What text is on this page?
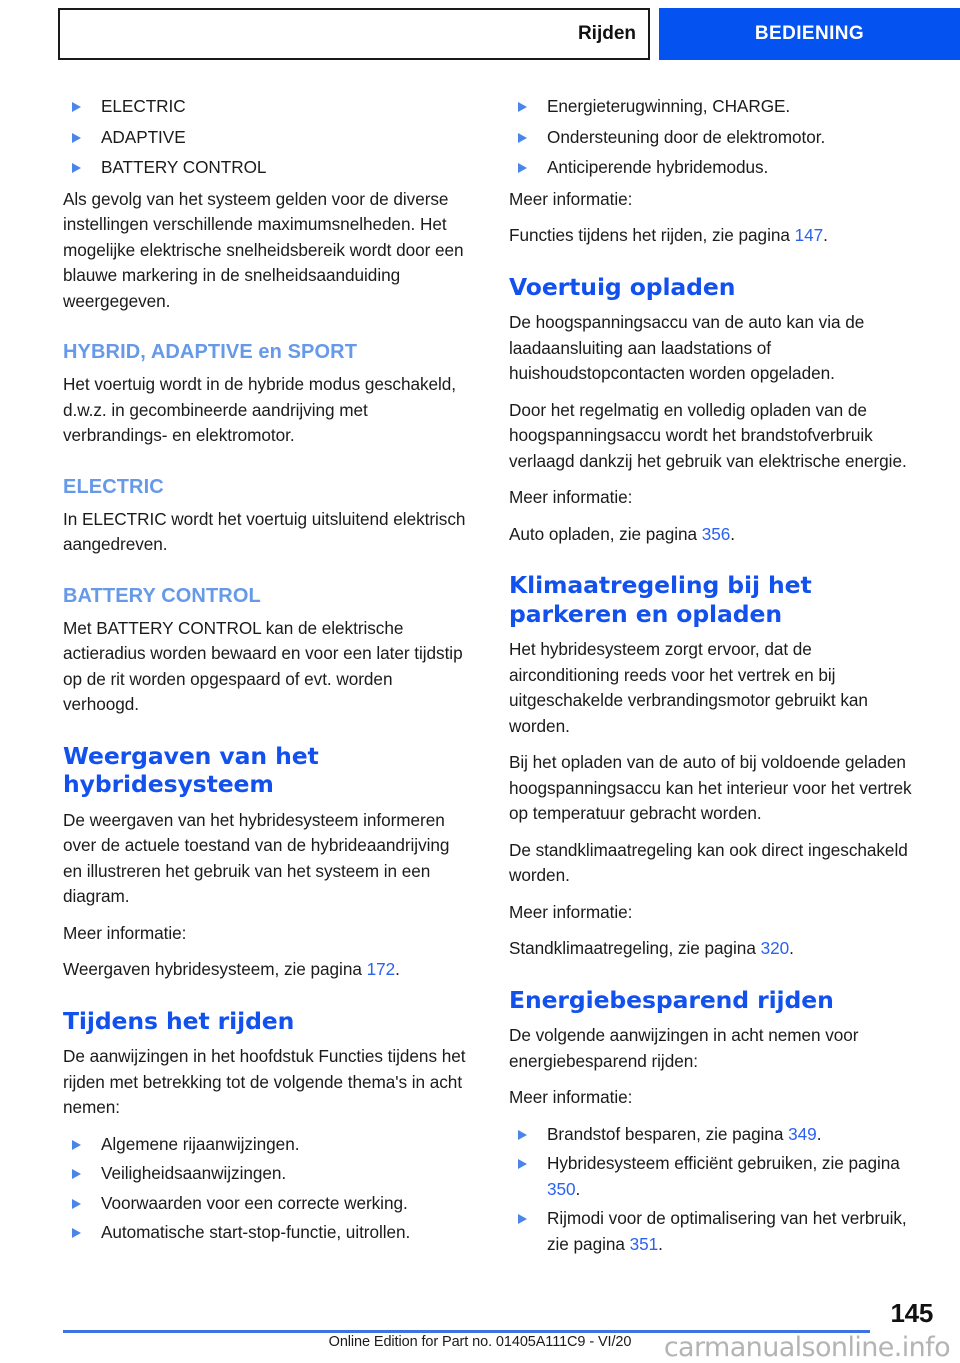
Rijden	BEDIENING
ELECTRIC
ADAPTIVE
BATTERY CONTROL

Als gevolg van het systeem gelden voor de diverse instellingen verschillende maximumsnelheden. Het mogelijke elektrische snelheidsbereik wordt door een blauwe markering in de snelheidsaanduiding weergegeven.

HYBRID, ADAPTIVE en SPORT

Het voertuig wordt in de hybride modus geschakeld, d.w.z. in gecombineerde aandrijving met verbrandings- en elektromotor.

ELECTRIC

In ELECTRIC wordt het voertuig uitsluitend elektrisch aangedreven.

BATTERY CONTROL

Met BATTERY CONTROL kan de elektrische actieradius worden bewaard en voor een later tijdstip op de rit worden opgespaard of evt. worden verhoogd.

Weergaven van het hybridesysteem

De weergaven van het hybridesysteem informeren over de actuele toestand van de hybrideaandrijving en illustreren het gebruik van het systeem in een diagram.

Meer informatie:

Weergaven hybridesysteem, zie pagina 172.

Tijdens het rijden

De aanwijzingen in het hoofdstuk Functies tijdens het rijden met betrekking tot de volgende thema's in acht nemen:

Algemene rijaanwijzingen.
Veiligheidsaanwijzingen.
Voorwaarden voor een correcte werking.
Automatische start-stop-functie, uitrollen.
Energieterugwinning, CHARGE.
Ondersteuning door de elektromotor.
Anticiperende hybridemodus.

Meer informatie:

Functies tijdens het rijden, zie pagina 147.

Voertuig opladen

De hoogspanningsaccu van de auto kan via de laadaansluiting aan laadstations of huishoudstopcontacten worden opgeladen.

Door het regelmatig en volledig opladen van de hoogspanningsaccu wordt het brandstofverbruik verlaagd dankzij het gebruik van elektrische energie.

Meer informatie:

Auto opladen, zie pagina 356.

Klimaatregeling bij het parkeren en opladen

Het hybridesysteem zorgt ervoor, dat de airconditioning reeds voor het vertrek en bij uitgeschakelde verbrandingsmotor gebruikt kan worden.

Bij het opladen van de auto of bij voldoende geladen hoogspanningsaccu kan het interieur voor het vertrek op temperatuur gebracht worden.

De standklimaatregeling kan ook direct ingeschakeld worden.

Meer informatie:

Standklimaatregeling, zie pagina 320.

Energiebesparend rijden

De volgende aanwijzingen in acht nemen voor energiebesparend rijden:

Meer informatie:

Brandstof besparen, zie pagina 349.
Hybridesysteem efficiënt gebruiken, zie pagina 350.
Rijmodi voor de optimalisering van het verbruik, zie pagina 351.
145
Online Edition for Part no. 01405A111C9 - VI/20	carmanualsonline.info
